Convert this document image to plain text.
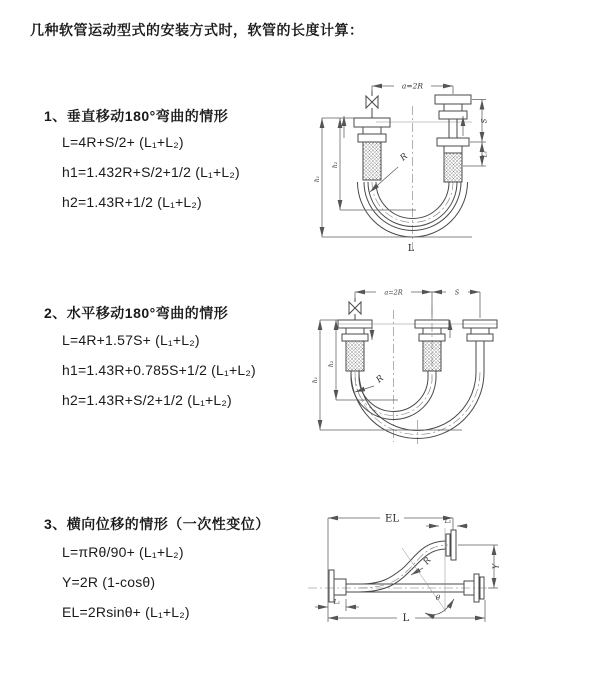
几种软管运动型式的安装方式时，软管的长度计算：
1、垂直移动180°弯曲的情形
L=4R+S/2+ (L₁+L₂)
h1=1.432R+S/2+1/2 (L₁+L₂)
h2=1.43R+1/2 (L₁+L₂)
2、水平移动180°弯曲的情形
L=4R+1.57S+ (L₁+L₂)
h1=1.43R+0.785S+1/2 (L₁+L₂)
h2=1.43R+S/2+1/2 (L₁+L₂)
3、横向位移的情形（一次性变位）
L=πRθ/90+ (L₁+L₂)
Y=2R (1-cosθ)
EL=2Rsinθ+ (L₁+L₂)
a=2R
S
L₁
h₁
h₂
R
L
a=2R	S
h₁
h₂
R
EL	L₂
Y
R
θ
L
L₁
